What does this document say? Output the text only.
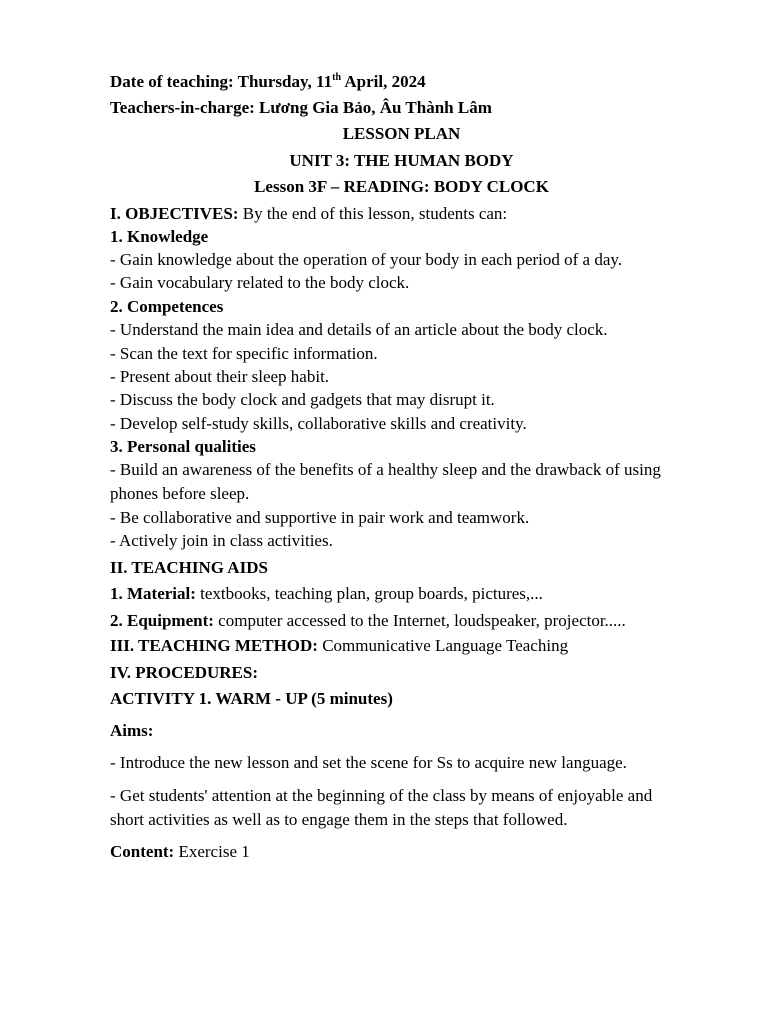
Date of teaching: Thursday, 11th April, 2024
Teachers-in-charge: Lương Gia Bảo, Âu Thành Lâm
LESSON PLAN
UNIT 3: THE HUMAN BODY
Lesson 3F – READING: BODY CLOCK
I. OBJECTIVES: By the end of this lesson, students can:
1. Knowledge
- Gain knowledge about the operation of your body in each period of a day.
- Gain vocabulary related to the body clock.
2. Competences
- Understand the main idea and details of an article about the body clock.
- Scan the text for specific information.
- Present about their sleep habit.
- Discuss the body clock and gadgets that may disrupt it.
- Develop self-study skills, collaborative skills and creativity.
3. Personal qualities
- Build an awareness of the benefits of a healthy sleep and the drawback of using phones before sleep.
- Be collaborative and supportive in pair work and teamwork.
- Actively join in class activities.
II. TEACHING AIDS
1. Material: textbooks, teaching plan, group boards, pictures,...
2. Equipment: computer accessed to the Internet, loudspeaker, projector.....
III. TEACHING METHOD: Communicative Language Teaching
IV. PROCEDURES:
ACTIVITY 1. WARM - UP (5 minutes)
Aims:
- Introduce the new lesson and set the scene for Ss to acquire new language.
- Get students' attention at the beginning of the class by means of enjoyable and short activities as well as to engage them in the steps that followed.
Content: Exercise 1
